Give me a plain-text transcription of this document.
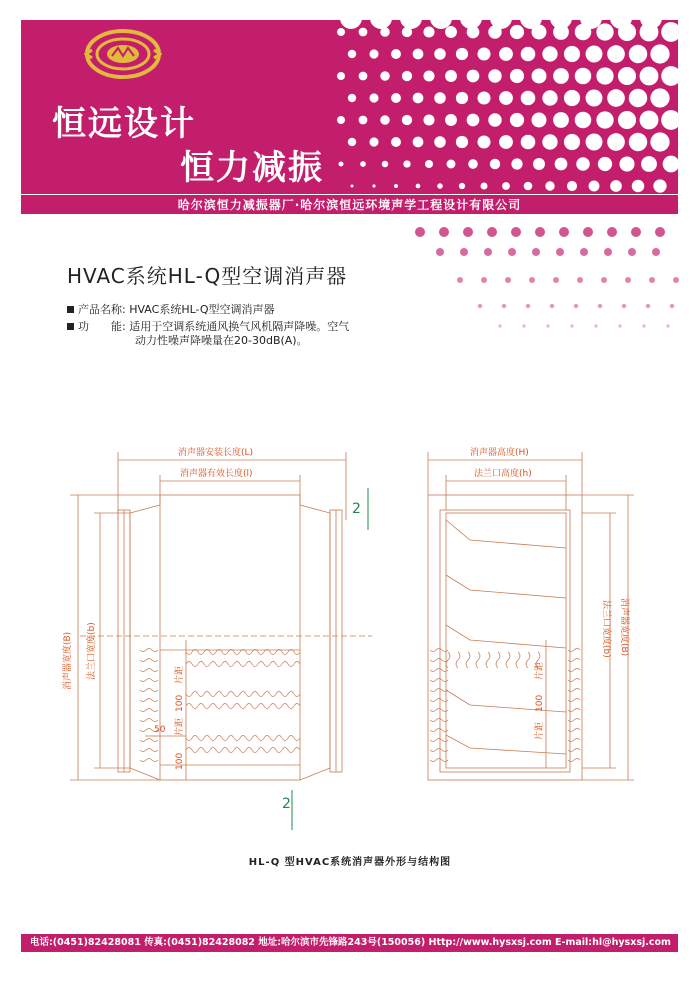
恒远设计
恒力减振
哈尔滨恒力减振器厂·哈尔滨恒远环境声学工程设计有限公司
HVAC系统HL-Q型空调消声器
产品名称: HVAC系统HL-Q型空调消声器
功　　能: 适用于空调系统通风换气风机隔声降噪。空气
动力性噪声降噪量在20-30dB(A)。
2
2
消声器安装长度(L)
消声器有效长度(l)
消声器宽度(B) 法兰口宽度(b)	片距
片距
100
100
50
消声器高度(H)
法兰口高度(h)
法兰口宽度(b) 消声器宽度(B)
片距
片距
100
HL-Q 型HVAC系统消声器外形与结构图
电话:(0451)82428081 传真:(0451)82428082 地址:哈尔滨市先锋路243号(150056) Http://www.hysxsj.com E-mail:hl@hysxsj.com
